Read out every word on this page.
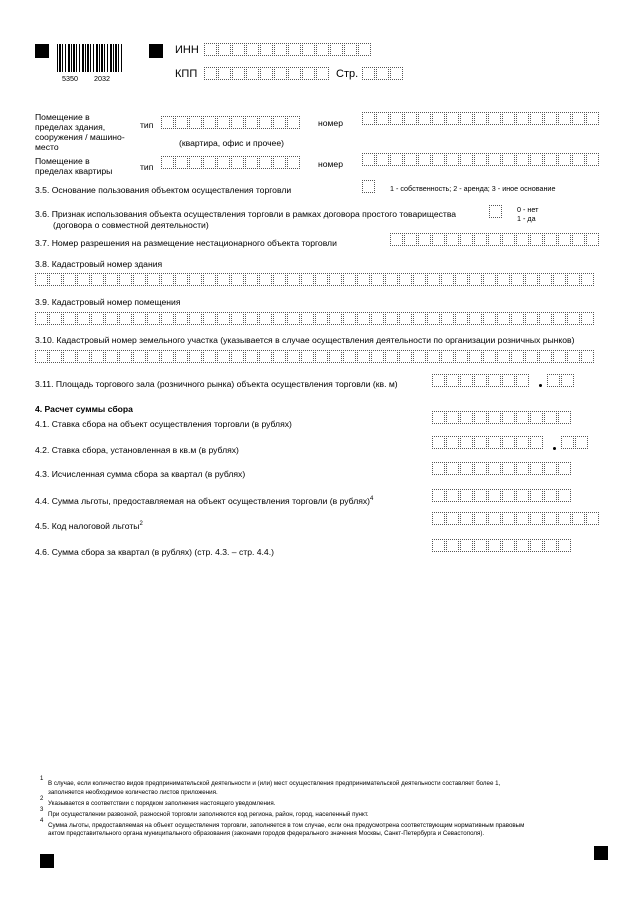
5350 2032
ИНН
КПП	Стр.
Помещение в пределах здания, сооружения / машино-место
тип
(квартира, офис и прочее)
номер
Помещение в пределах квартиры	тип	номер
3.5. Основание пользования объектом осуществления торговли	1 - собственность; 2 - аренда; 3 - иное основание
3.6. Признак использования объекта осуществления торговли в рамках договора простого товарищества
(договора о совместной деятельности)
0 - нет
1 - да
3.7. Номер разрешения на размещение нестационарного объекта торговли
3.8. Кадастровый номер здания
3.9. Кадастровый номер помещения
3.10. Кадастровый номер земельного участка (указывается в случае осуществления деятельности по организации розничных рынков)
3.11. Площадь торгового зала (розничного рынка) объекта осуществления торговли (кв. м)
4. Расчет суммы сбора
4.1. Ставка сбора на объект осуществления торговли (в рублях)
4.2. Ставка сбора, установленная в кв.м (в рублях)
4.3. Исчисленная сумма сбора за квартал (в рублях)
4.4. Сумма льготы, предоставляемая на объект осуществления торговли (в рублях)$^4$
4.5. Код налоговой льготы$^2$
4.6. Сумма сбора за квартал (в рублях) (стр. 4.3. – стр. 4.4.)
1
В случае, если количество видов предпринимательской деятельности и (или) мест осуществления предпринимательской деятельности составляет более 1,
заполняется необходимое количество листов приложения.
2
Указывается в соответствии с порядком заполнения настоящего уведомления.
3
При осуществлении развозной, разносной торговли заполняются код региона, район, город, населенный пункт.
4
Сумма льготы, предоставляемая на объект осуществления торговли, заполняется в том случае, если она предусмотрена соответствующим нормативным правовым
актом представительного органа муниципального образования (законами городов федерального значения Москвы, Санкт-Петербурга и Севастополя).
